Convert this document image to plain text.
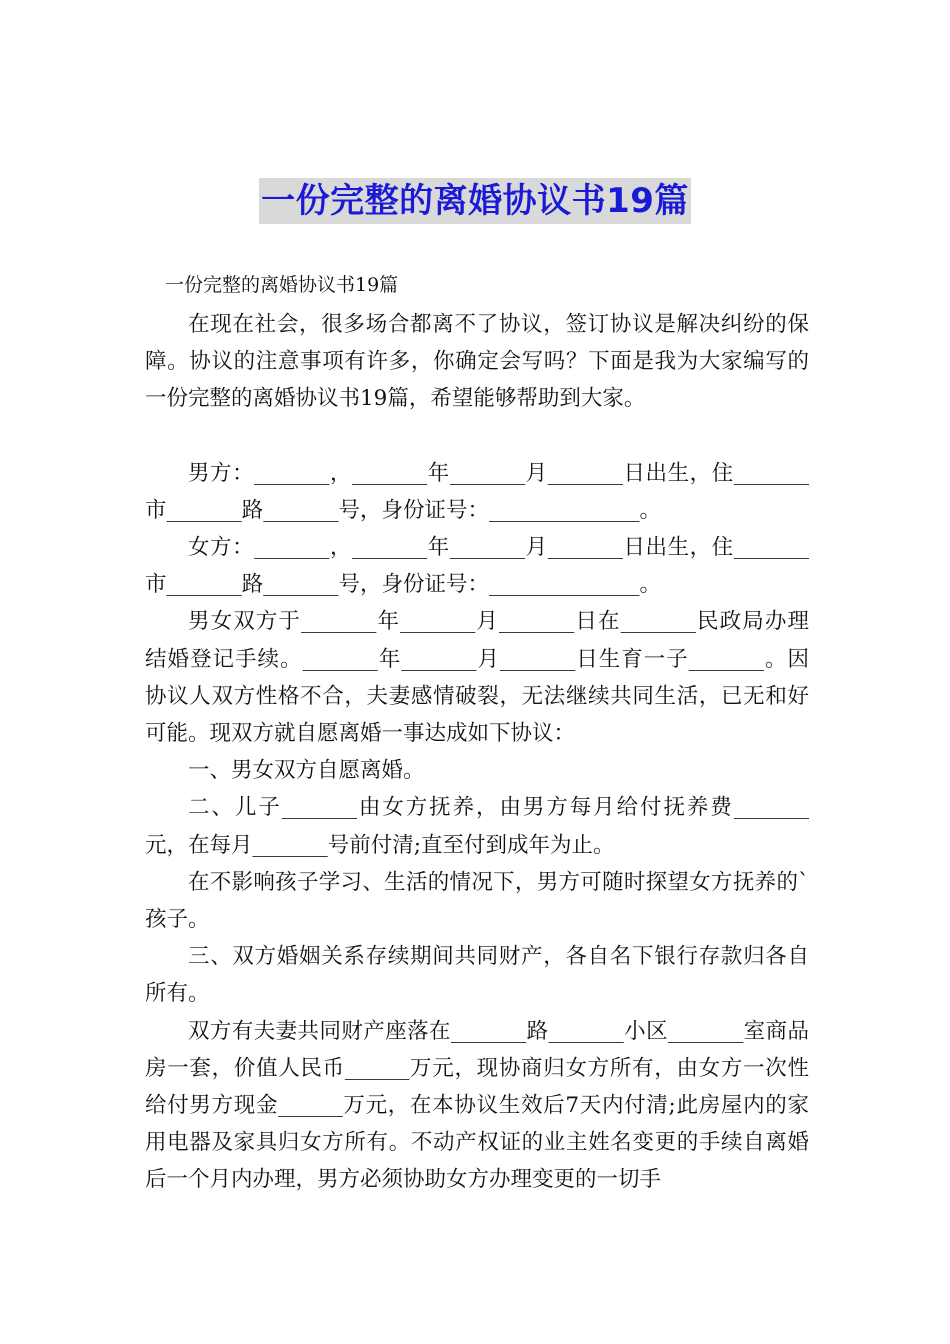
一份完整的离婚协议书19篇
一份完整的离婚协议书19篇

在现在社会，很多场合都离不了协议，签订协议是解决纠纷的保障。协议的注意事项有许多，你确定会写吗？下面是我为大家编写的一份完整的离婚协议书19篇，希望能够帮助到大家。

男方：_______，_______年_______月_______日出生，住_______市_______路_______号，身份证号：______________。

女方：_______，_______年_______月_______日出生，住_______市_______路_______号，身份证号：______________。

男女双方于_______年_______月_______日在_______民政局办理结婚登记手续。_______年_______月_______日生育一子_______。因协议人双方性格不合，夫妻感情破裂，无法继续共同生活，已无和好可能。现双方就自愿离婚一事达成如下协议：

一、男女双方自愿离婚。

二、儿子_______由女方抚养，由男方每月给付抚养费_______元，在每月_______号前付清;直至付到成年为止。

在不影响孩子学习、生活的情况下，男方可随时探望女方抚养的`孩子。

三、双方婚姻关系存续期间共同财产，各自名下银行存款归各自所有。

双方有夫妻共同财产座落在_______路_______小区_______室商品房一套，价值人民币______万元，现协商归女方所有，由女方一次性给付男方现金______万元，在本协议生效后7天内付清;此房屋内的家用电器及家具归女方所有。不动产权证的业主姓名变更的手续自离婚后一个月内办理，男方必须协助女方办理变更的一切手
